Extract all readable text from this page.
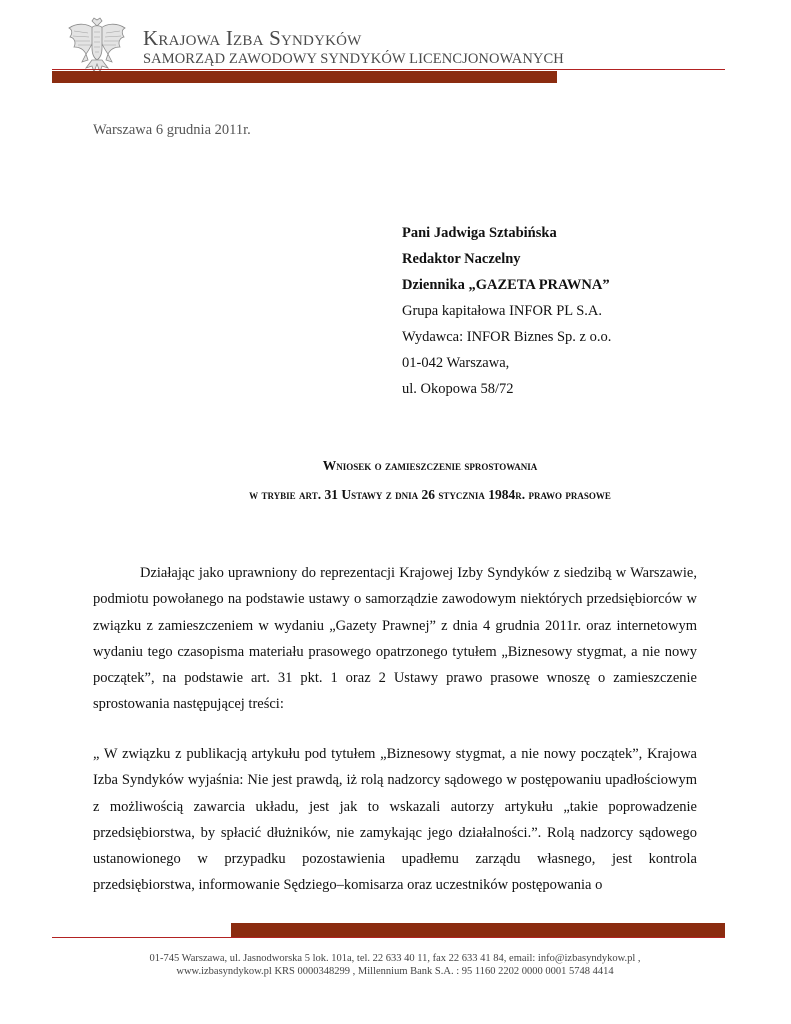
Krajowa Izba Syndyków
SAMORZĄD ZAWODOWY SYNDYKÓW LICENCJONOWANYCH
Warszawa 6 grudnia 2011r.
Pani Jadwiga Sztabińska
Redaktor Naczelny
Dziennika „GAZETA PRAWNA”
Grupa kapitałowa INFOR PL S.A.
Wydawca: INFOR Biznes Sp. z o.o.
01-042 Warszawa,
ul. Okopowa 58/72
Wniosek o zamieszczenie sprostowania
w trybie art. 31 Ustawy z dnia 26 stycznia 1984r. prawo prasowe
Działając jako uprawniony do reprezentacji Krajowej Izby Syndyków z siedzibą w Warszawie, podmiotu powołanego na podstawie ustawy o samorządzie zawodowym niektórych przedsiębiorców w związku z zamieszczeniem w wydaniu „Gazety Prawnej” z dnia 4 grudnia 2011r. oraz internetowym wydaniu tego czasopisma materiału prasowego opatrzonego tytułem „Biznesowy stygmat, a nie nowy początek”, na podstawie art. 31 pkt. 1 oraz 2 Ustawy prawo prasowe wnoszę o zamieszczenie sprostowania następującej treści:
„ W związku z publikacją artykułu pod tytułem „Biznesowy stygmat, a nie nowy początek”, Krajowa Izba Syndyków wyjaśnia: Nie jest prawdą, iż rolą nadzorcy sądowego w postępowaniu upadłościowym z możliwością zawarcia układu, jest jak to wskazali autorzy artykułu „takie poprowadzenie przedsiębiorstwa, by spłacić dłużników, nie zamykając jego działalności.”. Rolą nadzorcy sądowego ustanowionego w przypadku pozostawienia upadłemu zarządu własnego, jest kontrola przedsiębiorstwa, informowanie Sędziego–komisarza oraz uczestników postępowania o
01-745 Warszawa, ul. Jasnodworska 5 lok. 101a, tel. 22 633 40 11, fax 22 633 41 84, email: info@izbasyndykow.pl ,
www.izbasyndykow.pl KRS 0000348299 , Millennium Bank S.A. : 95 1160 2202 0000 0001 5748 4414
